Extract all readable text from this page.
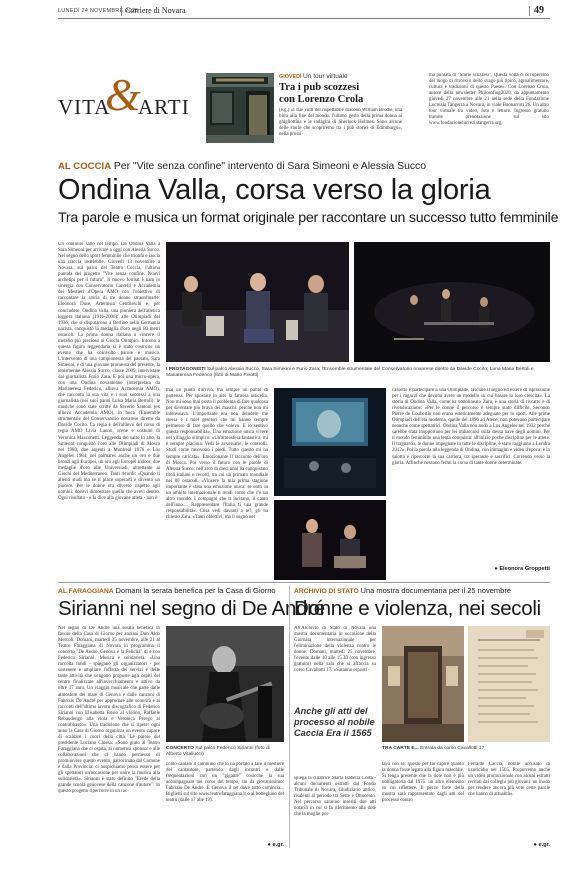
LUNEDÌ 24 NOVEMBRE 2025
Corriere di Novara	49
VITA
&
ARTI
GIOVEDÌ Un tour virtuale
Tra i pub scozzesi
con Lorenzo Crola
(e.g.) «I due volti del rispettabile diacono William Brodie, una birra alla fine del mondo, l'ultimo gesto della prima donna ai ghigliottina e le indagini di Sherlock Holmes. Sono alcune delle storie che scopriremo tra i pub storici di Edimburgo», nella prossi-
ma puntata di "Storie scozzesi". Questa volta ci occuperemo del luogo di ritrovo e dello svago più tipico, agroalimentare, cultura e tradizioni di questo Paese». Con Lorenzo Crola, autore della newsletter Philosofiog2020, da appuntamento giovedì 27 novembre alle 21 nella sede della Fondazione Lucrezia Tangerra a Novara, in viale Buonarroti 26. Un altro tour virtuale tra video, foto e letture. Ingresso gratuito tramite prenotazione sul sito www.fondazionelucreziatangerra.org.
AL COCCIA Per "Vite senza confine" intervento di Sara Simeoni e Alessia Succo
Ondina Valla, corsa verso la gloria
Tra parole e musica un format originale per raccontare un successo tutto femminile
Un continuo salto nel tempo. Da Ondina Valla a Sara Simeoni per arrivare a oggi con Alessia Succo. Nel segno dello sport femminile che trionfa e lascia una traccia indelebile. Giovedì 13 novembre a Novara, sul palco del Teatro Coccia, l'ultima puntata del progetto "Vite senza confine. Nuovi archetipi per il futuro". Il nuovo format è nato in sinergia con Conservatorio Cantelli e Accademia dei Mestieri d'Opera AMO con l'obiettivo di raccontare la storia di tre donne straordinarie: Eleonora Duse, Artemisia Gentileschi e, per concludere, Ondina Valla, una pioniera dell'atletica leggera italiana (1916-2006): alle Olimpiadi del 1936, che si disputarono a Berlino nella Germania nazista, conquistò la medaglia d'oro negli 80 metri ostacoli. La prima donna italiana a vincere il metallo più prezioso ai Giochi Olimpici. Intorno a questa figura leggendaria si è stato costruito un evento che ha coinvolto parole e musica. L'intervento di una campionessa del passato, Sara Simeoni, e di una giovane promessa del presente, la tenismenne Alessia Succo, classe 2009, intervistate dal giornalista Furio Zara. E poi una micro-opera, con una Ondina novantenne (interpretata da Mariateresa Federico, allieva Accademia AMO), che racconta la sua vita e i suoi successi a una giornalista (nei suoi panni Luisa Maria Bertoli): le musiche sono state scritte da Saverio Santoni (ex allievo Accademia AMO), in buca l'Ensemble strumentale del Conservatorio novarese diretto da Davide Cocito. La regia e dell'allievo del corso di regia AMO Livia Lanno, scene e costumi di Veronica Mazzonetti. Leggenda del salto in alto, la Simeoni conquistò l'oro alle Olimpiadi di Mosca nel 1980, due argenti a Montreal 1976 e Los Angeles 1984; nel palmares anche un oro e due bronzi agli Europei, un oro agli Europei indoor, due medaglie d'oro alle Universiadi, altrettante ai Giochi del Mediterraneo. Tanti ricordi: «Quando ti allenti studi ma se ti piace superarti e divento un piacere. Per le donne era diverso rispetto agli uomini: dovevi dimostrare quello che avevi dentro. Ogni risultato - e lo dice alla giovane atleta - non è
I PROTAGONISTI Sul palco Alessia Succo, Sara Simeoni e Furio Zara; l'Ensemble strumentale del Conservatorio novarese diretto da Davide Cocito; Luna Maria Bertoli e Mariateresa Federico (foto di Mario Finotti)
mai un punto d'arrivo, ma sempre un punto di partenza. Per spostare in alto la famosa asticella. Non mi sono mai posta il problema di fare qualcosa per diventare più brava dei maschi: perché non mi interessava. L'importante era non deludere me stessa e i miei genitori che mi hanno sempre permesso di fare quello che volevo. E io sentivo questa responsabilità». Una emozione unica vivere nel villaggio olimpico: «Un'atmosfera fantastica, mi è sempre piaciuta. Vedi le avversarie, le controlli. Studi come muovono i piedi. Tutto questo mi ha sempre caricata». Emozionante il racconto dell'oro di Mosca. Poi verso il futuro con le parole di Alessia Succo: nell'arco di dieci anni ha conquistato titoli italiani e record, tra cui un primato mondiale nei 80 ostacoli. «Vincere la mia prima stagione importante è stata una emozione unica: se entri in un ambito internazionale ti rendi conto che c'è un altro mondo. I compagni che ti incitano, il canto dell'inno.... Rappresentare l'Italia ti una grande responsabilità». Cosa vedi davanti a te?, gli ha chiesto Zara. «Tanti obiettivi, ma il sogno nel
cassetto è partecipare a una Olimpiade, lasciare il segno ed essere di ispirazione per i ragazzi che devono avere un modello su cui basare la loro crescita». La storia di Ondina Valla, come ha sottolineato Zara, è una storia di riscatto e di rivendicazione: «Per le donne il percorso è sempre stato difficile. Secondo Pierre de Coubertin non erano esteticamente adeguate per lo sport. Alle prime Olimpiadi dell'età moderna, quelle del 1896 ad Atene, non potevano partecipare neanche come spettatrici. Ondina Valla non andò a Los Angeles nel 1932 perché sarebbe stata inopportuno per lei imbarcarsi sulla stessa nave degli uomini. Per il mondo femminile una lenta conquista: all'inizio poche discipline per le atlete. Il traguardo, le donne impegnate in tutte le discipline, è stato raggiunto a Londra 2012». Poi la parola alla leggenda di Ondina, con immagini e video d'epoca: è in salotto e ripercorre la sua carriera, tra speranze e sacrifici. Correndo verso la gloria. Affinché nessuno fermi la corsa di tante donne determinate.
● Eleonora Groppetti
AL FARAGGIANA Domani la serata benefica per la Casa di Giorno
Sirianni nel segno di De André
Nel segno di De André una serata benefica in favore della Casa di Giorno per anziani Don Aldo Mercoli. Domani, martedì 25 novembre, alle 21 al Teatro Faraggiana di Novara in programma il concerto "De André, Genova e la Felicità" di e con Federico Sirianni. Musica e solidarietà. «Una raccolta fondi - spiegano gli organizzatori - per sostenere e ampliare l'offerta dei servizi e delle tante attività che vengono proposte agli ospiti del centro finalizzate all'invecchiamento e attivo da oltre 37 anni. Un viaggio musicale che parte dalle atmosfere del mare di Genova e dalle canzoni di Fabrizio De André per approdare alle sonorità e ai racconti dell'ultimo lavoro discografico di Federico Sirianni con Elisabetta Bosio al violino, Raffaele Rebaudengo alla viola e Veronica Perego al contrabbasso». Una tradizione che si ripete: ogni anno la Casa di Giorno organizza un evento capace di scaldare i cuori della città. Le parole del presidente Luciano Chiesa: «Sono grato al Teatro Faraggiana che ci ospita, ai numerosi sponsor e alle collaborazioni che ci hanno permesso di promuovere questo evento, patrocinato dal Comune e dalla Provincia: ci auspichiamo possa essere per gli spettatori un'occasione per unire la musica alla solidarietà». Sirianni è stato definito "Erede della grande scuola genovese della canzone d'autore": in questo progetto ripercorre in un rac-
CONCERTO Sul palco Federico Sirianni (foto di Alberto Vitaliucci)
conto cantato il cammino che lo ha portato a fare il mestiere del cantautore, partendo dagli incontri e dalle frequentazioni con un "gigante" cosicché la sua accompagnato nel corso del tempo, sin da giovanissimo: Fabrizio De André. È Genova il set dove tutto comincia... Biglietti sul sito www.teatrofaraggiana.it o al botteghino del teatro (dalle 17 alle 19).
● e.gr.
ARCHIVIO DI STATO Una mostra documentaria per il 25 novembre
Donne e violenza, nei secoli
All'Archivio di Stato di Novara una mostra documentaria in occasione della Giornata internazionale per l'eliminazione della violenza contro le donne. Domani, martedì 25 novembre, l'evento dalle 10 alle 15.30 (con ingresso gratuito) nella sala che si affaccia su corso Cavallotti 17. «Saranno esposti -
Anche gli atti del processo al nobile Caccia Era il 1565
spiega la curatrice Marta Isabella Costa - alcuni documenti estratti dal Fondo Tribunale di Novara, Giudiziario antico, risalenti al periodo tra Sette e Ottocento. Nel percorso saranno inseriti due atti notarili in cui si fa riferimento alla dote che la moglie por-
TRA CARTE E... Entrata da corso Cavallotti 17
tava con sé: questo per far capire quanto la donna fosse legata alla figura maschile. Si tenga presente che la dote non è più obbligatoria dal 1975: un altro elemento su cui riflettere. Il pezzo forte della mostra sarà rappresentato dagli atti del processo contro
Ferrante Caccia, nobile accusato di uxoricidio nel 1565. Proporremo anche un video promozionale con alcuni estratti recitati dai colleghi più giovani: un modo per rendere ancora più vere certe parole che hanno di attualità».
● e.gr.
